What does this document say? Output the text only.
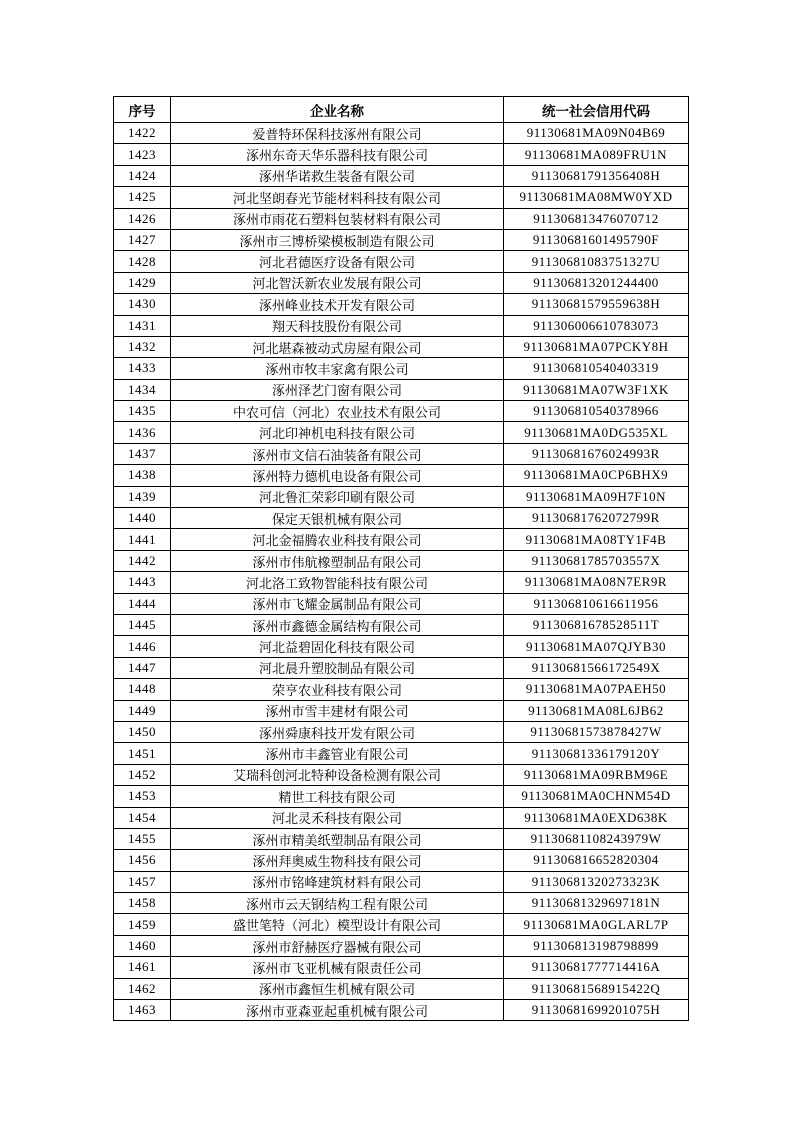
序号	企业名称	统一社会信用代码
1422	爱普特环保科技涿州有限公司	91130681MA09N04B69
1423	涿州东奇天华乐器科技有限公司	91130681MA089FRU1N
1424	涿州华诺救生装备有限公司	91130681791356408H
1425	河北坚朗春光节能材料科技有限公司	91130681MA08MW0YXD
1426	涿州市雨花石塑料包装材料有限公司	911306813476070712
1427	涿州市三博桥梁模板制造有限公司	91130681601495790F
1428	河北君德医疗设备有限公司	91130681083751327U
1429	河北智沃新农业发展有限公司	911306813201244400
1430	涿州峰业技术开发有限公司	91130681579559638H
1431	翔天科技股份有限公司	911306006610783073
1432	河北堪森被动式房屋有限公司	91130681MA07PCKY8H
1433	涿州市牧丰家禽有限公司	911306810540403319
1434	涿州泽艺门窗有限公司	91130681MA07W3F1XK
1435	中农可信（河北）农业技术有限公司	911306810540378966
1436	河北印神机电科技有限公司	91130681MA0DG535XL
1437	涿州市文信石油装备有限公司	91130681676024993R
1438	涿州特力德机电设备有限公司	91130681MA0CP6BHX9
1439	河北鲁汇荣彩印刷有限公司	91130681MA09H7F10N
1440	保定天银机械有限公司	91130681762072799R
1441	河北金福腾农业科技有限公司	91130681MA08TY1F4B
1442	涿州市伟航橡塑制品有限公司	91130681785703557X
1443	河北洛工致物智能科技有限公司	91130681MA08N7ER9R
1444	涿州市飞耀金属制品有限公司	911306810616611956
1445	涿州市鑫德金属结构有限公司	91130681678528511T
1446	河北益碧固化科技有限公司	91130681MA07QJYB30
1447	河北晨升塑胶制品有限公司	91130681566172549X
1448	荣亨农业科技有限公司	91130681MA07PAEH50
1449	涿州市雪丰建材有限公司	91130681MA08L6JB62
1450	涿州舜康科技开发有限公司	91130681573878427W
1451	涿州市丰鑫管业有限公司	91130681336179120Y
1452	艾瑞科创河北特种设备检测有限公司	91130681MA09RBM96E
1453	精世工科技有限公司	91130681MA0CHNM54D
1454	河北灵禾科技有限公司	91130681MA0EXD638K
1455	涿州市精美纸塑制品有限公司	91130681108243979W
1456	涿州拜奥威生物科技有限公司	911306816652820304
1457	涿州市铭峰建筑材料有限公司	91130681320273323K
1458	涿州市云天钢结构工程有限公司	91130681329697181N
1459	盛世笔特（河北）模型设计有限公司	91130681MA0GLARL7P
1460	涿州市舒赫医疗器械有限公司	911306813198798899
1461	涿州市飞亚机械有限责任公司	91130681777714416A
1462	涿州市鑫恒生机械有限公司	91130681568915422Q
1463	涿州市亚森亚起重机械有限公司	91130681699201075H
